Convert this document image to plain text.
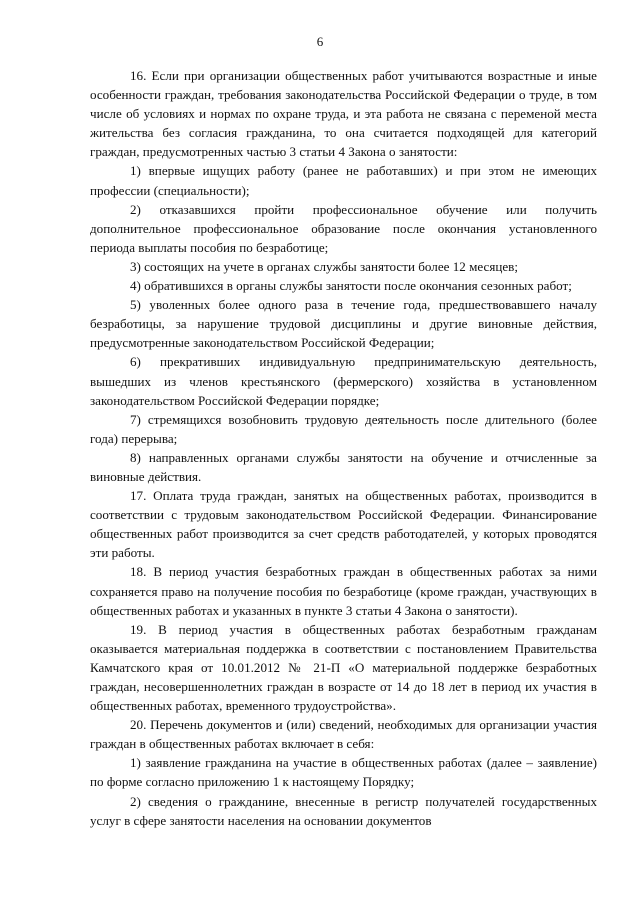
6

16. Если при организации общественных работ учитываются возрастные и иные особенности граждан, требования законодательства Российской Федерации о труде, в том числе об условиях и нормах по охране труда, и эта работа не связана с переменой места жительства без согласия гражданина, то она считается подходящей для категорий граждан, предусмотренных частью 3 статьи 4 Закона о занятости:

1) впервые ищущих работу (ранее не работавших) и при этом не имеющих профессии (специальности);

2) отказавшихся пройти профессиональное обучение или получить дополнительное профессиональное образование после окончания установленного периода выплаты пособия по безработице;

3) состоящих на учете в органах службы занятости более 12 месяцев;

4) обратившихся в органы службы занятости после окончания сезонных работ;

5) уволенных более одного раза в течение года, предшествовавшего началу безработицы, за нарушение трудовой дисциплины и другие виновные действия, предусмотренные законодательством Российской Федерации;

6) прекративших индивидуальную предпринимательскую деятельность, вышедших из членов крестьянского (фермерского) хозяйства в установленном законодательством Российской Федерации порядке;

7) стремящихся возобновить трудовую деятельность после длительного (более года) перерыва;

8) направленных органами службы занятости на обучение и отчисленные за виновные действия.

17. Оплата труда граждан, занятых на общественных работах, производится в соответствии с трудовым законодательством Российской Федерации. Финансирование общественных работ производится за счет средств работодателей, у которых проводятся эти работы.

18. В период участия безработных граждан в общественных работах за ними сохраняется право на получение пособия по безработице (кроме граждан, участвующих в общественных работах и указанных в пункте 3 статьи 4 Закона о занятости).

19. В период участия в общественных работах безработным гражданам оказывается материальная поддержка в соответствии с постановлением Правительства Камчатского края от 10.01.2012 № 21-П «О материальной поддержке безработных граждан, несовершеннолетних граждан в возрасте от 14 до 18 лет в период их участия в общественных работах, временного трудоустройства».

20. Перечень документов и (или) сведений, необходимых для организации участия граждан в общественных работах включает в себя:

1) заявление гражданина на участие в общественных работах (далее – заявление) по форме согласно приложению 1 к настоящему Порядку;

2) сведения о гражданине, внесенные в регистр получателей государственных услуг в сфере занятости населения на основании документов
